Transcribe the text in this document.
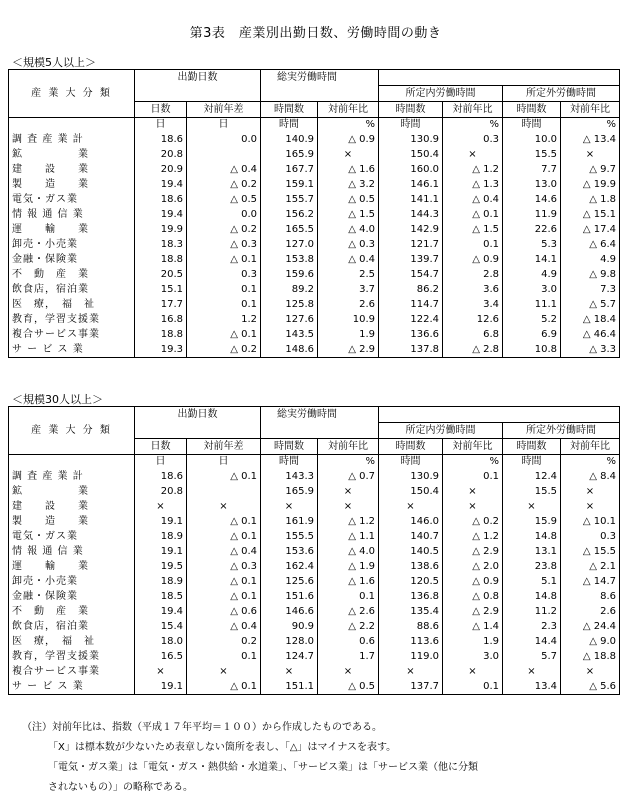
第3表　産業別出勤日数、労働時間の動き
＜規模5人以上＞
産 業 大 分 類	出勤日数		総実労働時間					
					所定内労働時間		所定外労働時間	
	日数	対前年差	時間数	対前年比	時間数	対前年比	時間数	対前年比
	日	日	時間	%	時間	%	時間	%
調 査 産 業 計	18.6	0.0	140.9	△ 0.9	130.9	0.3	10.0	△ 13.4
鉱　　　　　業	20.8		165.9	×	150.4	×	15.5	×
建　　設　　業	20.9	△ 0.4	167.7	△ 1.6	160.0	△ 1.2	7.7	△ 9.7
製　　造　　業	19.4	△ 0.2	159.1	△ 3.2	146.1	△ 1.3	13.0	△ 19.9
電気・ガス業	18.6	△ 0.5	155.7	△ 0.5	141.1	△ 0.4	14.6	△ 1.8
情 報 通 信 業	19.4	0.0	156.2	△ 1.5	144.3	△ 0.1	11.9	△ 15.1
運　　輸　　業	19.9	△ 0.2	165.5	△ 4.0	142.9	△ 1.5	22.6	△ 17.4
卸売・小売業	18.3	△ 0.3	127.0	△ 0.3	121.7	0.1	5.3	△ 6.4
金融・保険業	18.8	△ 0.1	153.8	△ 0.4	139.7	△ 0.9	14.1	4.9
不　動　産　業	20.5	0.3	159.6	2.5	154.7	2.8	4.9	△ 9.8
飲食店，宿泊業	15.1	0.1	89.2	3.7	86.2	3.6	3.0	7.3
医　療，　福　祉	17.7	0.1	125.8	2.6	114.7	3.4	11.1	△ 5.7
教育，学習支援業	16.8	1.2	127.6	10.9	122.4	12.6	5.2	△ 18.4
複合サービス事業	18.8	△ 0.1	143.5	1.9	136.6	6.8	6.9	△ 46.4
サ ー ビ ス 業	19.3	△ 0.2	148.6	△ 2.9	137.8	△ 2.8	10.8	△ 3.3
＜規模30人以上＞
産 業 大 分 類	出勤日数		総実労働時間					
					所定内労働時間		所定外労働時間	
	日数	対前年差	時間数	対前年比	時間数	対前年比	時間数	対前年比
	日	日	時間	%	時間	%	時間	%
調 査 産 業 計	18.6	△ 0.1	143.3	△ 0.7	130.9	0.1	12.4	△ 8.4
鉱　　　　　業	20.8		165.9	×	150.4	×	15.5	×
建　　設　　業	×	×	×	×	×	×	×	×
製　　造　　業	19.1	△ 0.1	161.9	△ 1.2	146.0	△ 0.2	15.9	△ 10.1
電気・ガス業	18.9	△ 0.1	155.5	△ 1.1	140.7	△ 1.2	14.8	0.3
情 報 通 信 業	19.1	△ 0.4	153.6	△ 4.0	140.5	△ 2.9	13.1	△ 15.5
運　　輸　　業	19.5	△ 0.3	162.4	△ 1.9	138.6	△ 2.0	23.8	△ 2.1
卸売・小売業	18.9	△ 0.1	125.6	△ 1.6	120.5	△ 0.9	5.1	△ 14.7
金融・保険業	18.5	△ 0.1	151.6	0.1	136.8	△ 0.8	14.8	8.6
不　動　産　業	19.4	△ 0.6	146.6	△ 2.6	135.4	△ 2.9	11.2	2.6
飲食店，宿泊業	15.4	△ 0.4	90.9	△ 2.2	88.6	△ 1.4	2.3	△ 24.4
医　療，　福　祉	18.0	0.2	128.0	0.6	113.6	1.9	14.4	△ 9.0
教育，学習支援業	16.5	0.1	124.7	1.7	119.0	3.0	5.7	△ 18.8
複合サービス事業	×	×	×	×	×	×	×	×
サ ー ビ ス 業	19.1	△ 0.1	151.1	△ 0.5	137.7	0.1	13.4	△ 5.6
（注）対前年比は、指数（平成１７年平均＝１００）から作成したものである。
「X」は標本数が少ないため表章しない箇所を表し、「△」はマイナスを表す。
「電気・ガス業」は「電気・ガス・熱供給・水道業」、「サービス業」は「サービス業（他に分類
されないもの）」の略称である。
